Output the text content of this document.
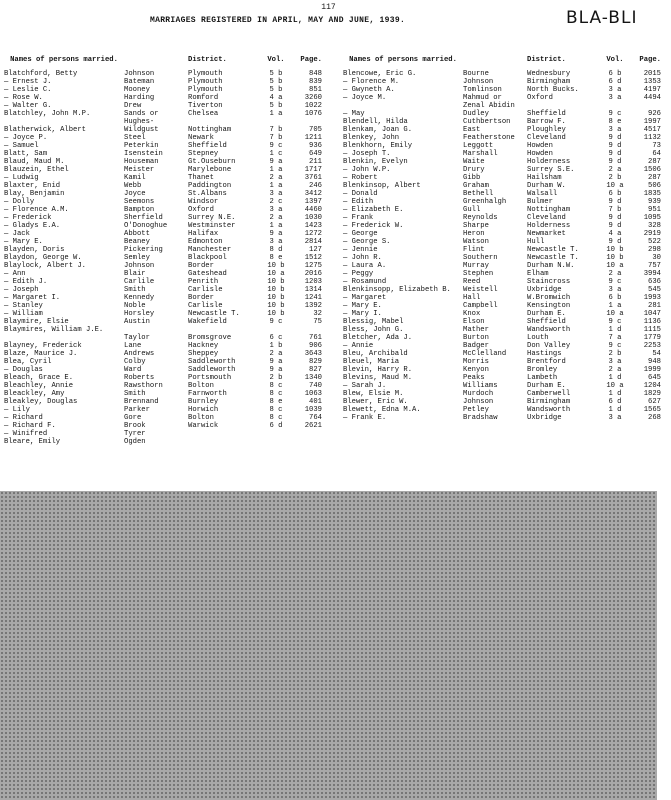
117
MARRIAGES REGISTERED IN APRIL, MAY AND JUNE, 1939.	BLA-BLI
Names of persons married.	District.	Vol.	Page.
Blatchford, Betty	Johnson	Plymouth	5 b	848
— Ernest J.	Bateman	Plymouth	5 b	839
— Leslie C.	Mooney	Plymouth	5 b	851
— Rose W.	Harding	Romford	4 a	3260
— Walter G.	Drew	Tiverton	5 b	1022
Blatchley, John M.P.	Sands or	Chelsea	1 a	1076
Hughes-
Blatherwick, Albert	Wildgust	Nottingham	7 b	705
— Joyce P.	Steel	Newark	7 b	1211
— Samuel	Peterkin	Sheffield	9 c	936
Blatt, Sam	Isenstein	Stepney	1 c	649
Blaud, Maud M.	Houseman	Gt.Ouseburn	9 a	211
Blauzein, Ethel	Meister	Marylebone	1 a	1717
— Ludwig	Kamil	Thanet	2 a	3761
Blaxter, Enid	Webb	Paddington	1 a	246
Blay, Benjamin	Joyce	St.Albans	3 a	3412
— Dolly	Seemons	Windsor	2 c	1397
— Florence A.M.	Bampton	Oxford	3 a	4460
— Frederick	Sherfield	Surrey N.E.	2 a	1030
— Gladys E.A.	O'Donoghue	Westminster	1 a	1423
— Jack	Abbott	Halifax	9 a	1272
— Mary E.	Beaney	Edmonton	3 a	2814
Blayden, Doris	Pickering	Manchester	8 d	127
Blaydon, George W.	Semley	Blackpool	8 e	1512
Blaylock, Albert J.	Johnson	Border	10 b	1275
— Ann	Blair	Gateshead	10 a	2016
— Edith J.	Carlile	Penrith	10 b	1203
— Joseph	Smith	Carlisle	10 b	1314
— Margaret I.	Kennedy	Border	10 b	1241
— Stanley	Noble	Carlisle	10 b	1392
— William	Horsley	Newcastle T.	10 b	32
Blaymire, Elsie	Austin	Wakefield	9 c	75
Blaymires, William J.E.
Taylor	Bromsgrove	6 c	761
Blayney, Frederick	Lane	Hackney	1 b	906
Blaze, Maurice J.	Andrews	Sheppey	2 a	3643
Blea, Cyril	Colby	Saddleworth	9 a	829
— Douglas	Ward	Saddleworth	9 a	827
Bleach, Grace E.	Roberts	Portsmouth	2 b	1340
Bleachley, Annie	Rawsthorn	Bolton	8 c	740
Bleackley, Amy	Smith	Farnworth	8 c	1063
Bleakley, Douglas	Brennand	Burnley	8 e	401
— Lily	Parker	Horwich	8 c	1039
— Richard	Gore	Bolton	8 c	764
— Richard F.	Brook	Warwick	6 d	2621
— Winifred	Tyrer
Bleare, Emily	Ogden
Names of persons married.	District.	Vol.	Page.
Blencowe, Eric G.	Bourne	Wednesbury	6 b	2015
— Florence M.	Johnson	Birmingham	6 d	1353
— Gwyneth A.	Tomlinson	North Bucks.	3 a	4197
— Joyce M.	Mahmud or	Oxford	3 a	4494
Zenal Abidin
— May	Dudley	Sheffield	9 c	926
Blendell, Hilda	Cuthbertson	Barrow F.	8 e	1997
Blenkam, Joan G.	East	Ploughley	3 a	4517
Blenkey, John	Featherstone	Cleveland	9 d	1132
Blenkhorn, Emily	Leggott	Howden	9 d	73
— Joseph T.	Marshall	Howden	9 d	64
Blenkin, Evelyn	Waite	Holderness	9 d	287
— John W.P.	Drury	Surrey S.E.	2 a	1506
— Robert	Gibb	Hailsham	2 b	287
Blenkinsop, Albert	Graham	Durham W.	10 a	506
— Donald	Bethell	Walsall	6 b	1835
— Edith	Greenhalgh	Bulmer	9 d	939
— Elizabeth E.	Gull	Nottingham	7 b	951
— Frank	Reynolds	Cleveland	9 d	1095
— Frederick W.	Sharpe	Holderness	9 d	328
— George	Heron	Newmarket	4 a	2919
— George S.	Watson	Hull	9 d	522
— Jennie	Flint	Newcastle T.	10 b	298
— John R.	Southern	Newcastle T.	10 b	30
— Laura A.	Murray	Durham N.W.	10 a	757
— Peggy	Stephen	Elham	2 a	3994
— Rosamund	Reed	Staincross	9 c	636
Blenkinsopp, Elizabeth B.	Weistell	Uxbridge	3 a	545
— Margaret	Hall	W.Bromwich	6 b	1993
— Mary E.	Campbell	Kensington	1 a	281
— Mary I.	Knox	Durham E.	10 a	1047
Blessig, Mabel	Elson	Sheffield	9 c	1136
Bless, John G.	Mather	Wandsworth	1 d	1115
Bletcher, Ada J.	Burton	Louth	7 a	1779
— Annie	Badger	Don Valley	9 c	2253
Bleu, Archibald	McClelland	Hastings	2 b	54
Bleuel, Maria	Morris	Brentford	3 a	948
Blevin, Harry R.	Kenyon	Bromley	2 a	1999
Blevins, Maud M.	Peaks	Lambeth	1 d	645
— Sarah J.	Williams	Durham E.	10 a	1204
Blew, Elsie M.	Murdoch	Camberwell	1 d	1829
Blewer, Eric W.	Johnson	Birmingham	6 d	627
Blewett, Edna M.A.	Petley	Wandsworth	1 d	1565
— Frank E.	Bradshaw	Uxbridge	3 a	268
